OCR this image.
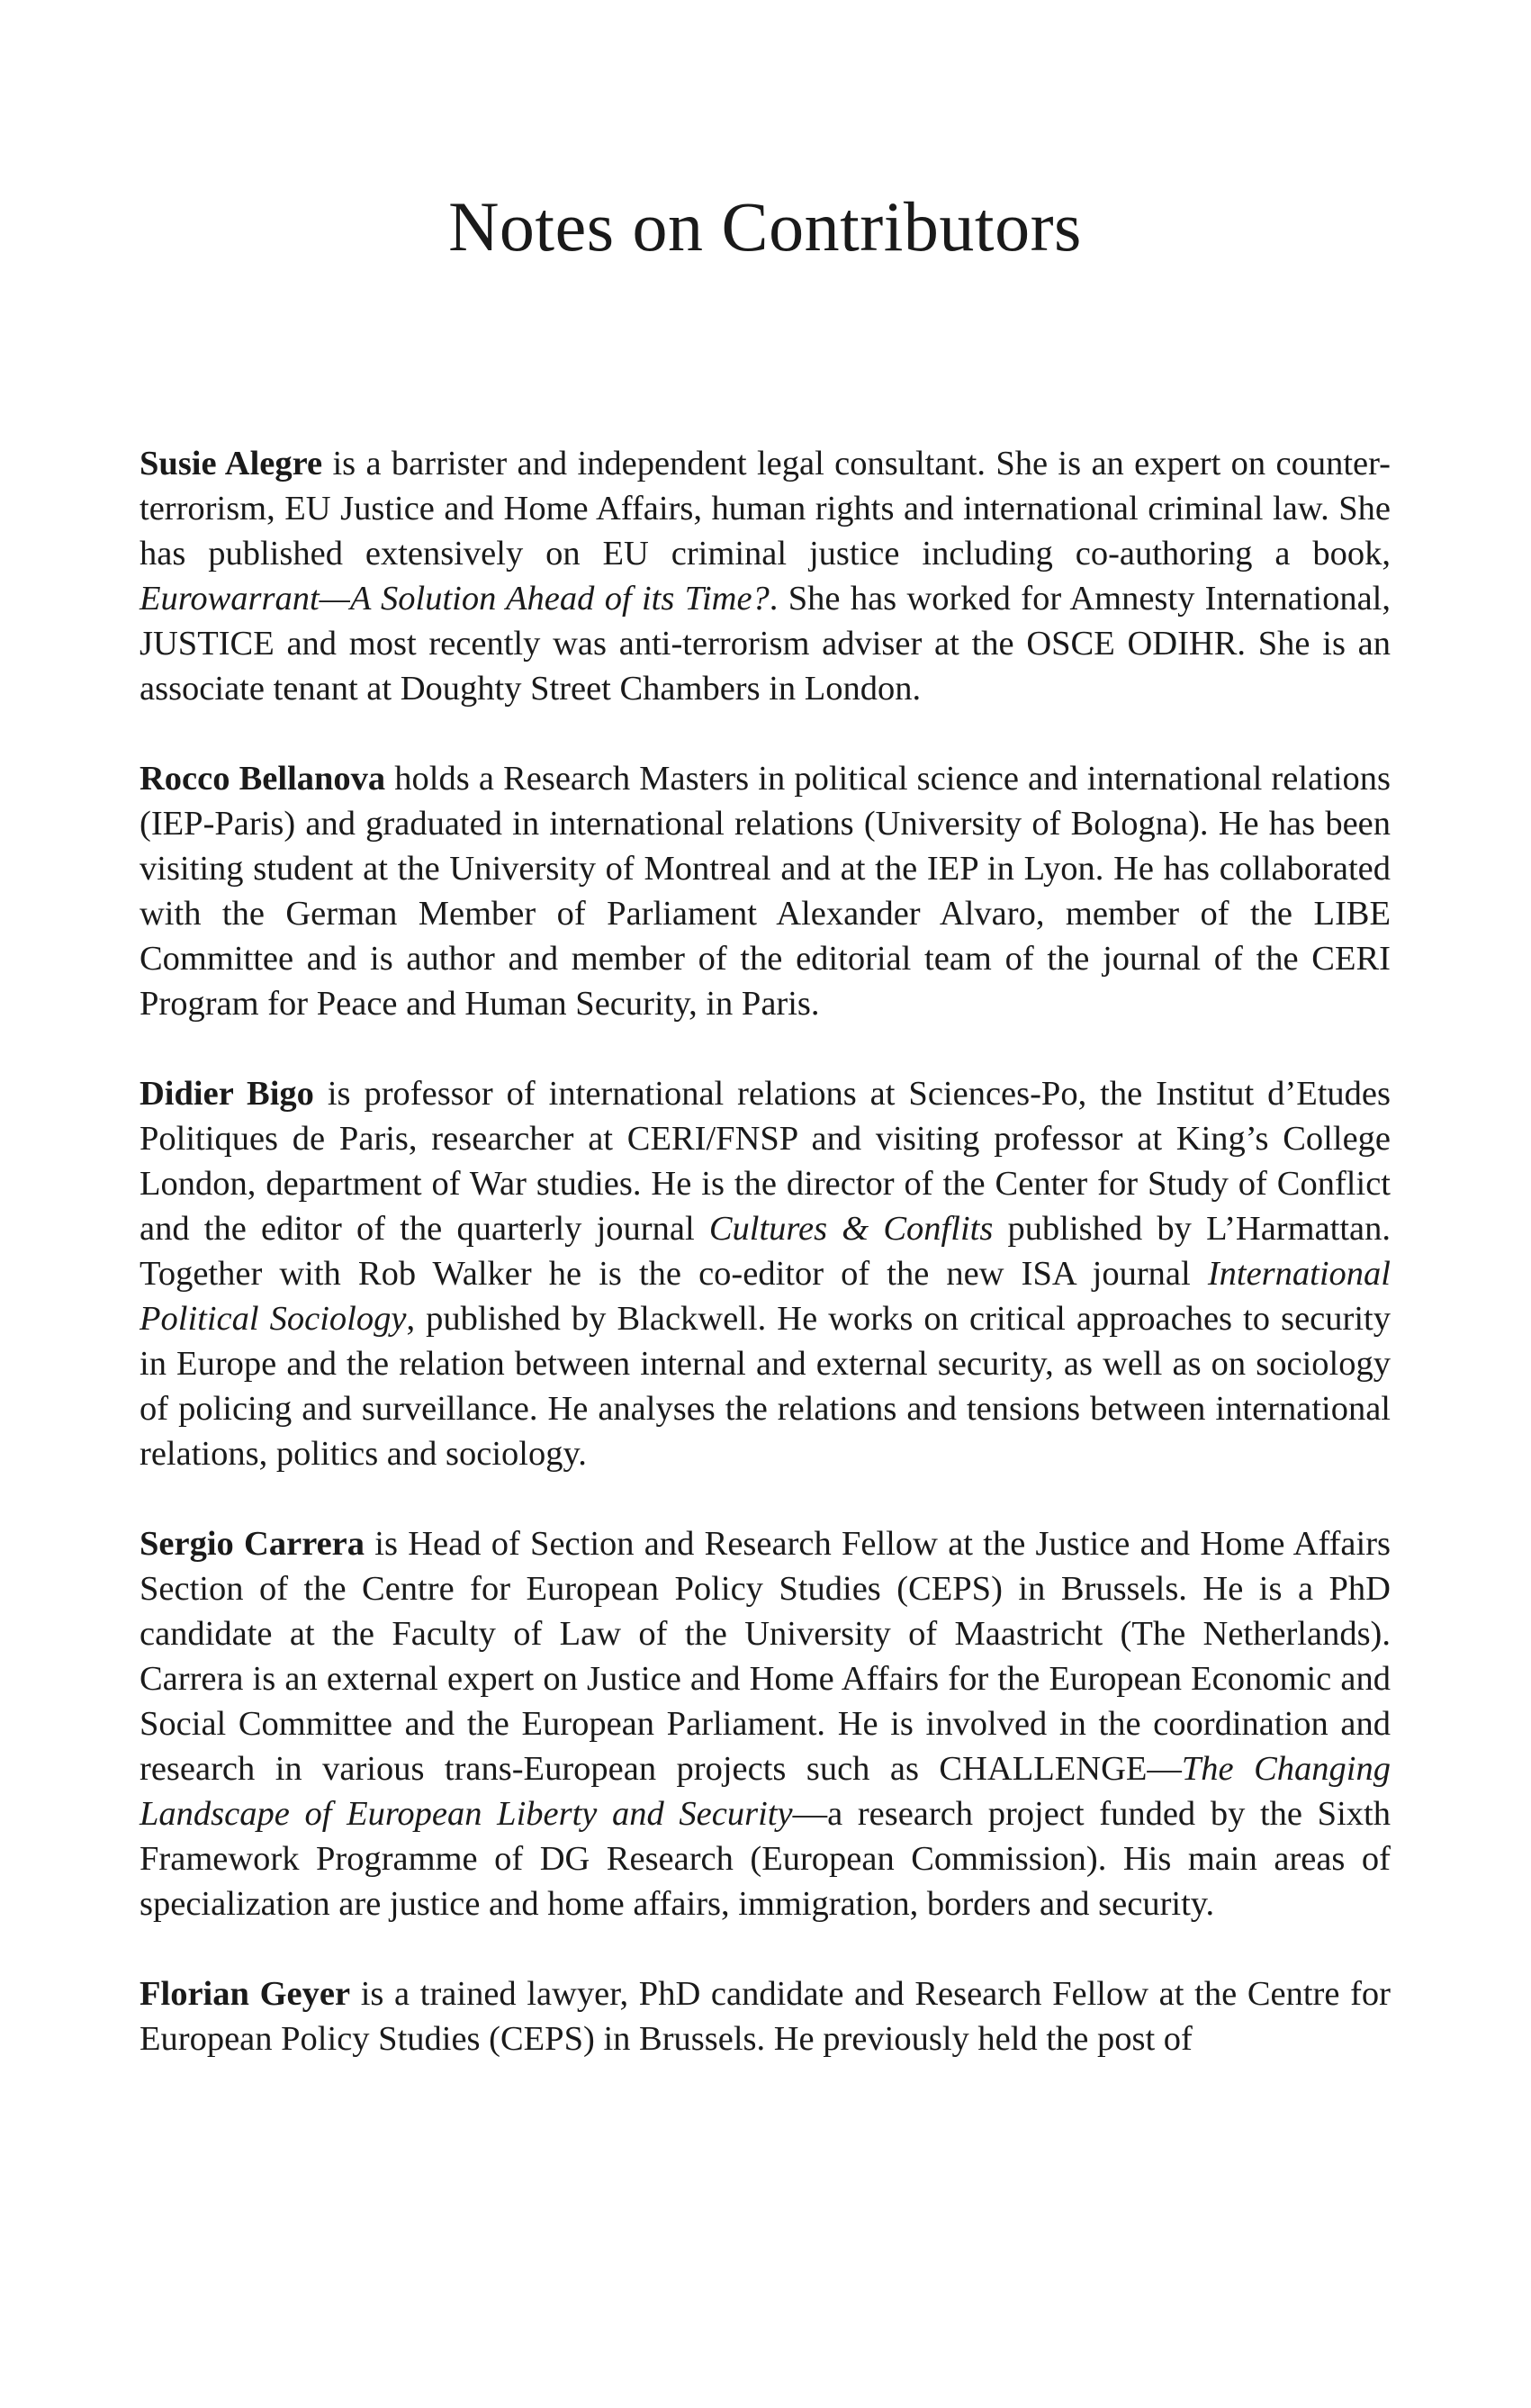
Notes on Contributors

Susie Alegre is a barrister and independent legal consultant. She is an expert on counter-terrorism, EU Justice and Home Affairs, human rights and international criminal law. She has published extensively on EU criminal justice including co-authoring a book, Eurowarrant—A Solution Ahead of its Time?. She has worked for Amnesty International, JUSTICE and most recently was anti-terrorism adviser at the OSCE ODIHR. She is an associate tenant at Doughty Street Chambers in London.

Rocco Bellanova holds a Research Masters in political science and international relations (IEP-Paris) and graduated in international relations (University of Bologna). He has been visiting student at the University of Montreal and at the IEP in Lyon. He has collaborated with the German Member of Parliament Alexander Alvaro, member of the LIBE Committee and is author and member of the editorial team of the journal of the CERI Program for Peace and Human Security, in Paris.

Didier Bigo is professor of international relations at Sciences-Po, the Institut d’Etudes Politiques de Paris, researcher at CERI/FNSP and visiting professor at King’s College London, department of War studies. He is the director of the Center for Study of Conflict and the editor of the quarterly journal Cultures & Conflits published by L’Harmattan. Together with Rob Walker he is the co-editor of the new ISA journal International Political Sociology, published by Blackwell. He works on critical approaches to security in Europe and the relation between internal and external security, as well as on sociology of policing and surveillance. He analyses the relations and tensions between international relations, politics and sociology.

Sergio Carrera is Head of Section and Research Fellow at the Justice and Home Affairs Section of the Centre for European Policy Studies (CEPS) in Brussels. He is a PhD candidate at the Faculty of Law of the University of Maastricht (The Netherlands). Carrera is an external expert on Justice and Home Affairs for the European Economic and Social Committee and the European Parliament. He is involved in the coordination and research in various trans-European projects such as CHALLENGE—The Changing Landscape of European Liberty and Security—a research project funded by the Sixth Framework Programme of DG Research (European Commission). His main areas of specialization are justice and home affairs, immigration, borders and security.

Florian Geyer is a trained lawyer, PhD candidate and Research Fellow at the Centre for European Policy Studies (CEPS) in Brussels. He previously held the post of
